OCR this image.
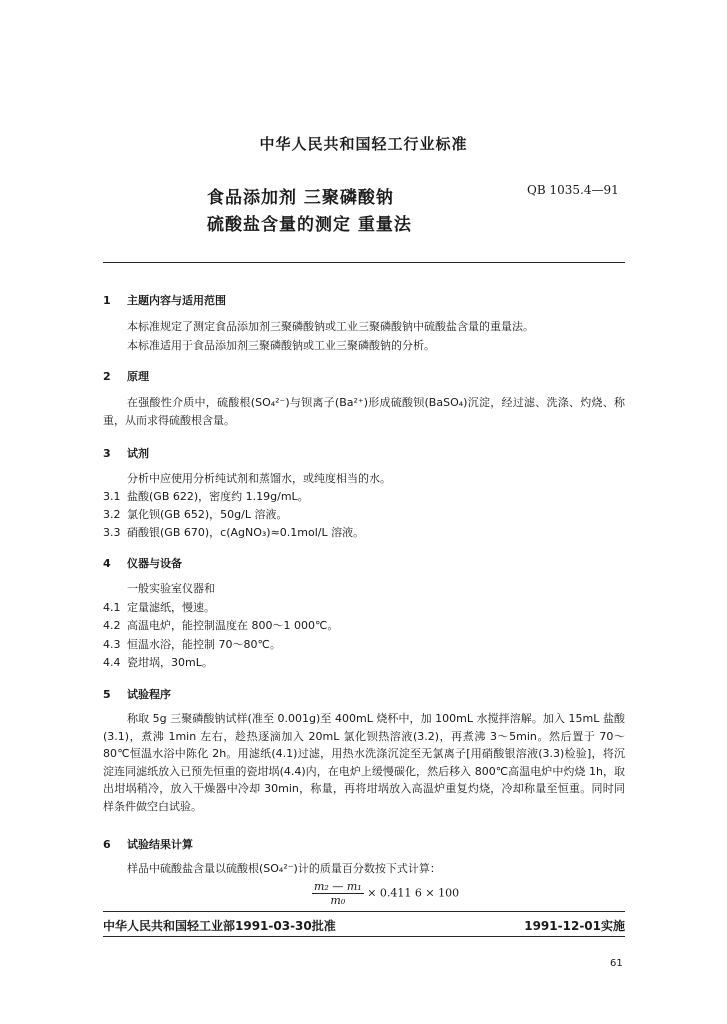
中华人民共和国轻工行业标准
食品添加剂 三聚磷酸钠
硫酸盐含量的测定 重量法
QB 1035.4—91
1 主题内容与适用范围
本标准规定了测定食品添加剂三聚磷酸钠或工业三聚磷酸钠中硫酸盐含量的重量法。
本标准适用于食品添加剂三聚磷酸钠或工业三聚磷酸钠的分析。
2 原理
在强酸性介质中，硫酸根(SO₄²⁻)与钡离子(Ba²⁺)形成硫酸钡(BaSO₄)沉淀，经过滤、洗涤、灼烧、称重，从而求得硫酸根含量。
3 试剂
分析中应使用分析纯试剂和蒸馏水，或纯度相当的水。
3.1 盐酸(GB 622)，密度约 1.19g/mL。
3.2 氯化钡(GB 652)，50g/L 溶液。
3.3 硝酸银(GB 670)，c(AgNO₃)≈0.1mol/L 溶液。
4 仪器与设备
一般实验室仪器和
4.1 定量滤纸，慢速。
4.2 高温电炉，能控制温度在 800～1 000℃。
4.3 恒温水浴，能控制 70～80℃。
4.4 瓷坩埚，30mL。
5 试验程序
称取 5g 三聚磷酸钠试样(准至 0.001g)至 400mL 烧杯中，加 100mL 水搅拌溶解。加入 15mL 盐酸(3.1)，煮沸 1min 左右，趁热逐滴加入 20mL 氯化钡热溶液(3.2)，再煮沸 3～5min。然后置于 70～80℃恒温水浴中陈化 2h。用滤纸(4.1)过滤，用热水洗涤沉淀至无氯离子[用硝酸银溶液(3.3)检验]，将沉淀连同滤纸放入已预先恒重的瓷坩埚(4.4)内，在电炉上缓慢碳化，然后移入 800℃高温电炉中灼烧 1h，取出坩埚稍冷，放入干燥器中冷却 30min，称量，再将坩埚放入高温炉重复灼烧，冷却称量至恒重。同时同样条件做空白试验。
6 试验结果计算
样品中硫酸盐含量以硫酸根(SO₄²⁻)计的质量百分数按下式计算：
$\frac{\text{m₂ — m₁}}{\text{m₀}} \times 0.411$ 6 × 100
中华人民共和国轻工业部1991-03-30批准	1991-12-01实施
61
